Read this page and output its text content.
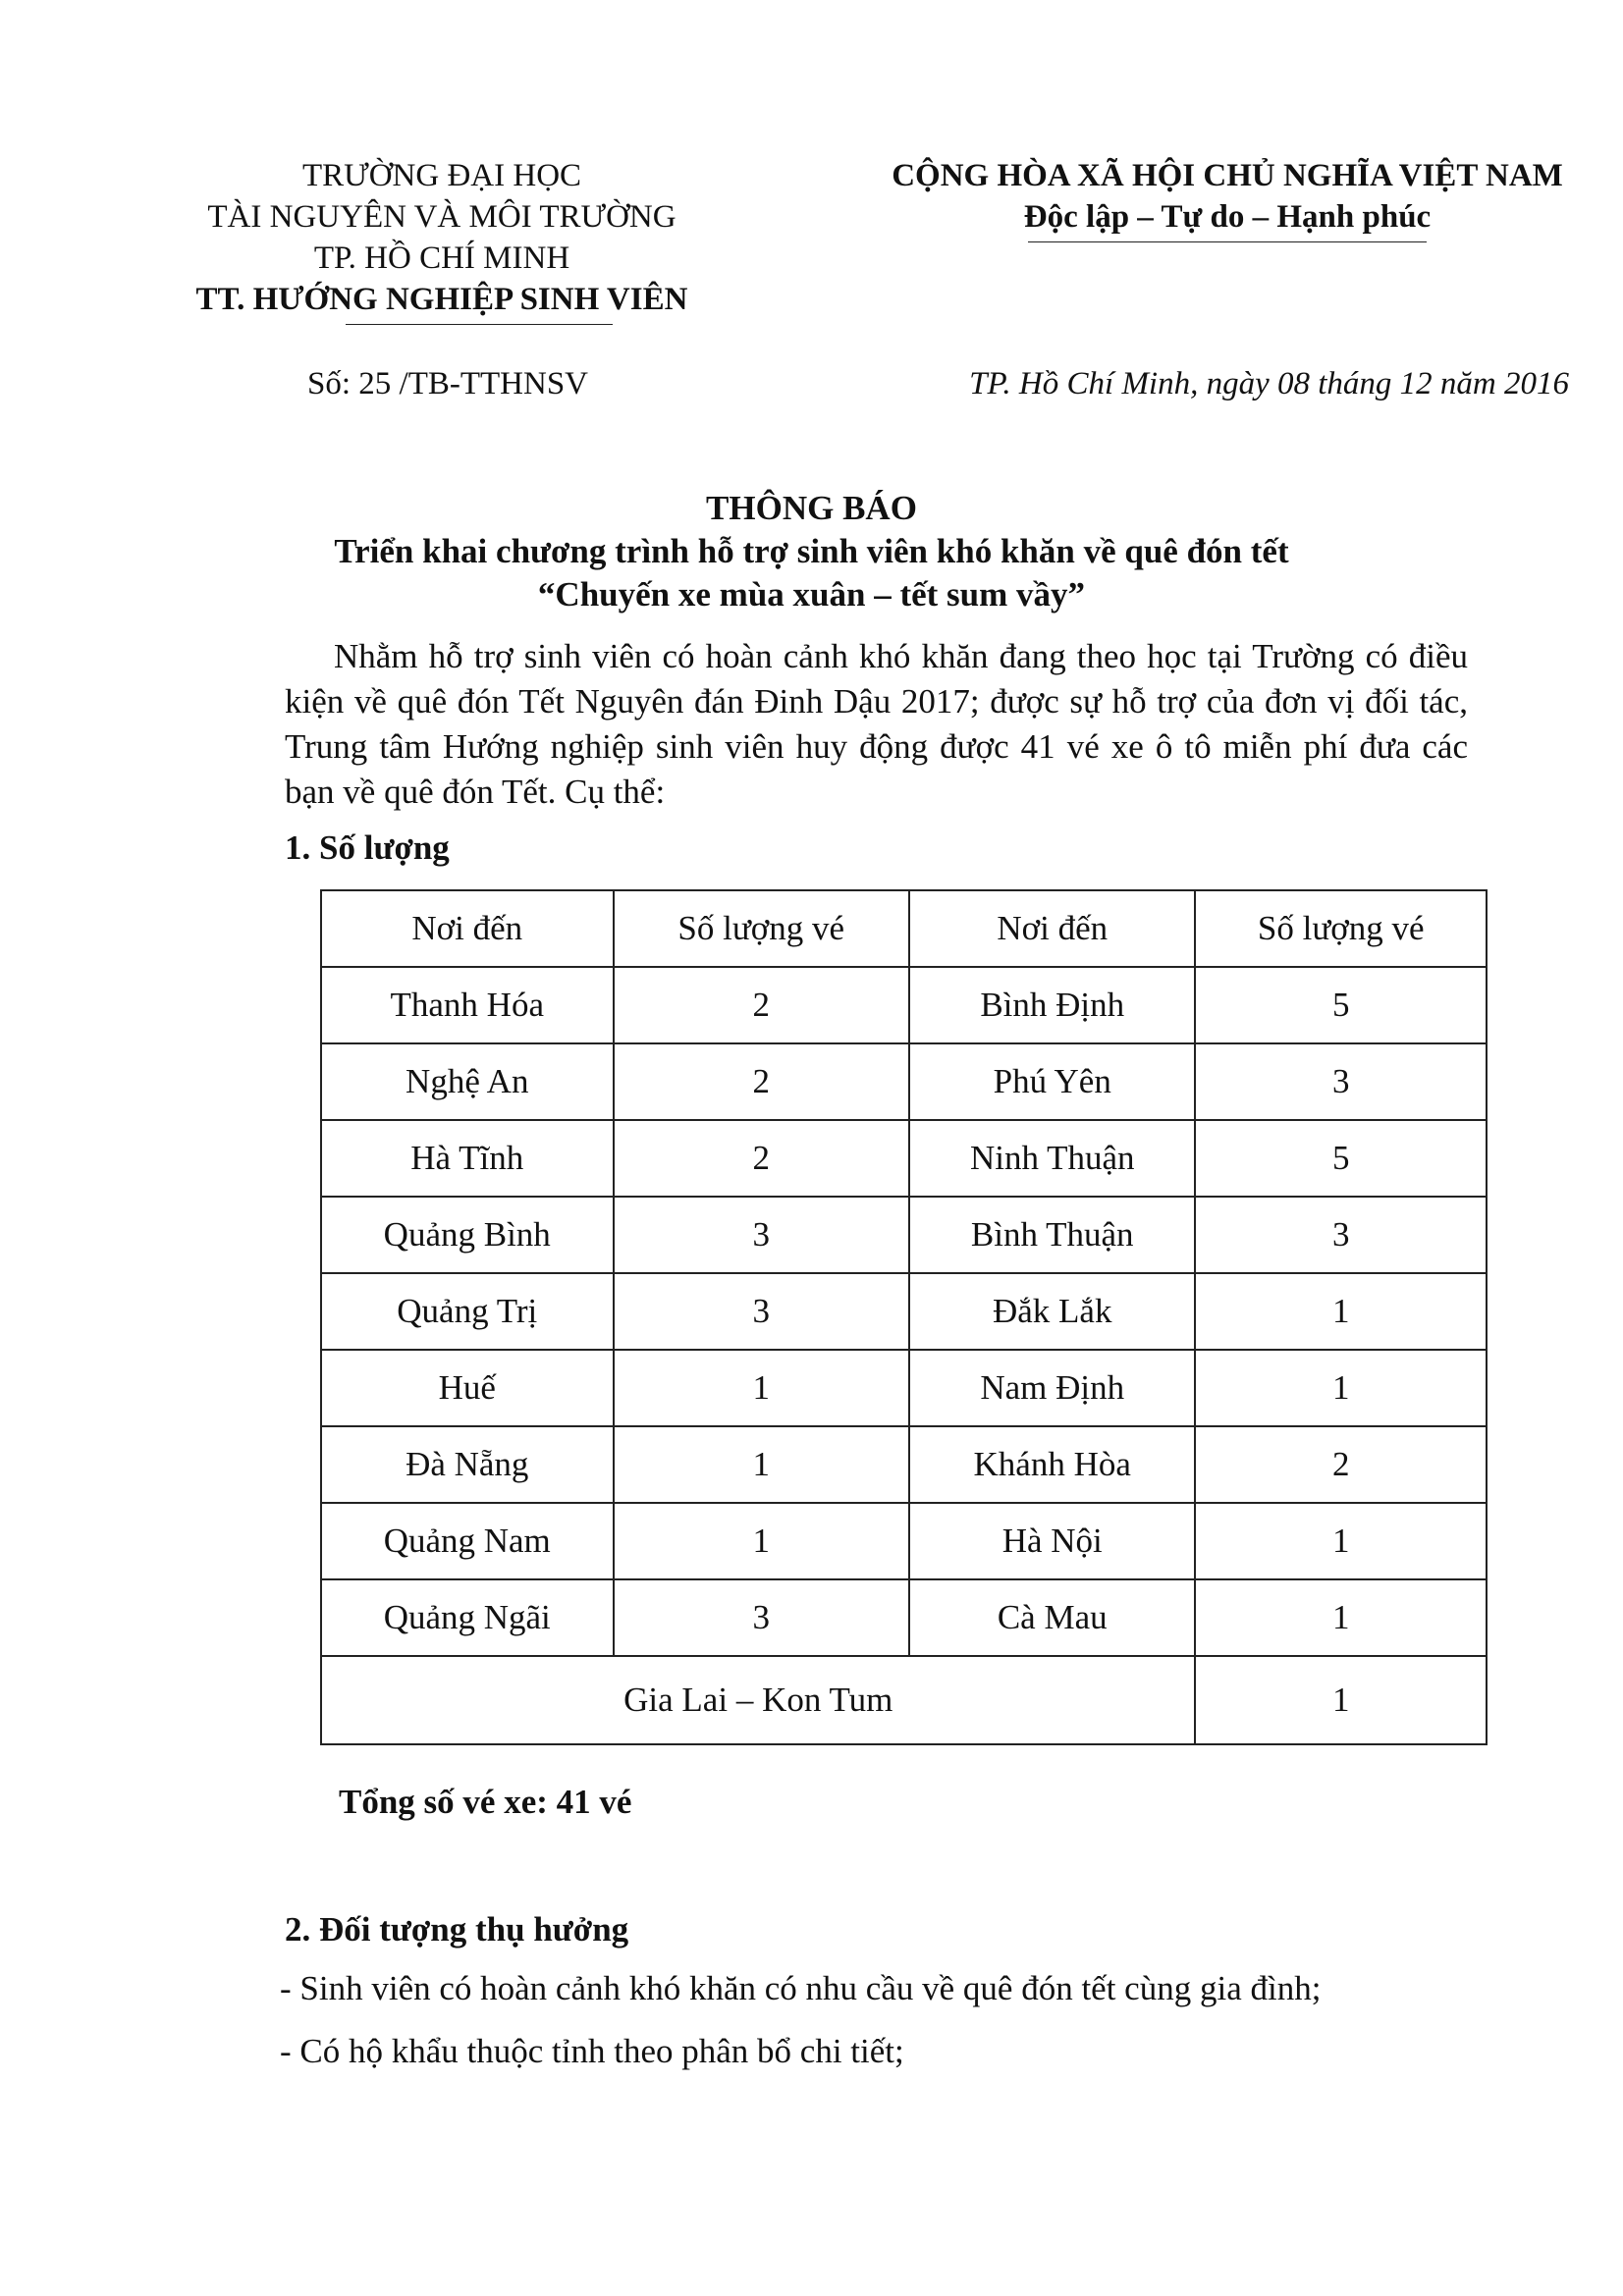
TRƯỜNG ĐẠI HỌC
TÀI NGUYÊN VÀ MÔI TRƯỜNG
TP. HỒ CHÍ MINH
TT. HƯỚNG NGHIỆP SINH VIÊN
CỘNG HÒA XÃ HỘI CHỦ NGHĨA VIỆT NAM
Độc lập – Tự do – Hạnh phúc
Số: 25 /TB-TTHNSV	TP. Hồ Chí Minh, ngày 08 tháng 12 năm 2016
THÔNG BÁO
Triển khai chương trình hỗ trợ sinh viên khó khăn về quê đón tết
“Chuyến xe mùa xuân – tết sum vầy”
Nhằm hỗ trợ sinh viên có hoàn cảnh khó khăn đang theo học tại Trường có điều kiện về quê đón Tết Nguyên đán Đinh Dậu 2017; được sự hỗ trợ của đơn vị đối tác, Trung tâm Hướng nghiệp sinh viên huy động được 41 vé xe ô tô miễn phí đưa các bạn về quê đón Tết. Cụ thể:
1. Số lượng
Nơi đến	Số lượng vé	Nơi đến	Số lượng vé
Thanh Hóa	2	Bình Định	5
Nghệ An	2	Phú Yên	3
Hà Tĩnh	2	Ninh Thuận	5
Quảng Bình	3	Bình Thuận	3
Quảng Trị	3	Đắk Lắk	1
Huế	1	Nam Định	1
Đà Nẵng	1	Khánh Hòa	2
Quảng Nam	1	Hà Nội	1
Quảng Ngãi	3	Cà Mau	1
Gia Lai – Kon Tum			1
Tổng số vé xe: 41 vé
2. Đối tượng thụ hưởng
- Sinh viên có hoàn cảnh khó khăn có nhu cầu về quê đón tết cùng gia đình;
- Có hộ khẩu thuộc tỉnh theo phân bổ chi tiết;
